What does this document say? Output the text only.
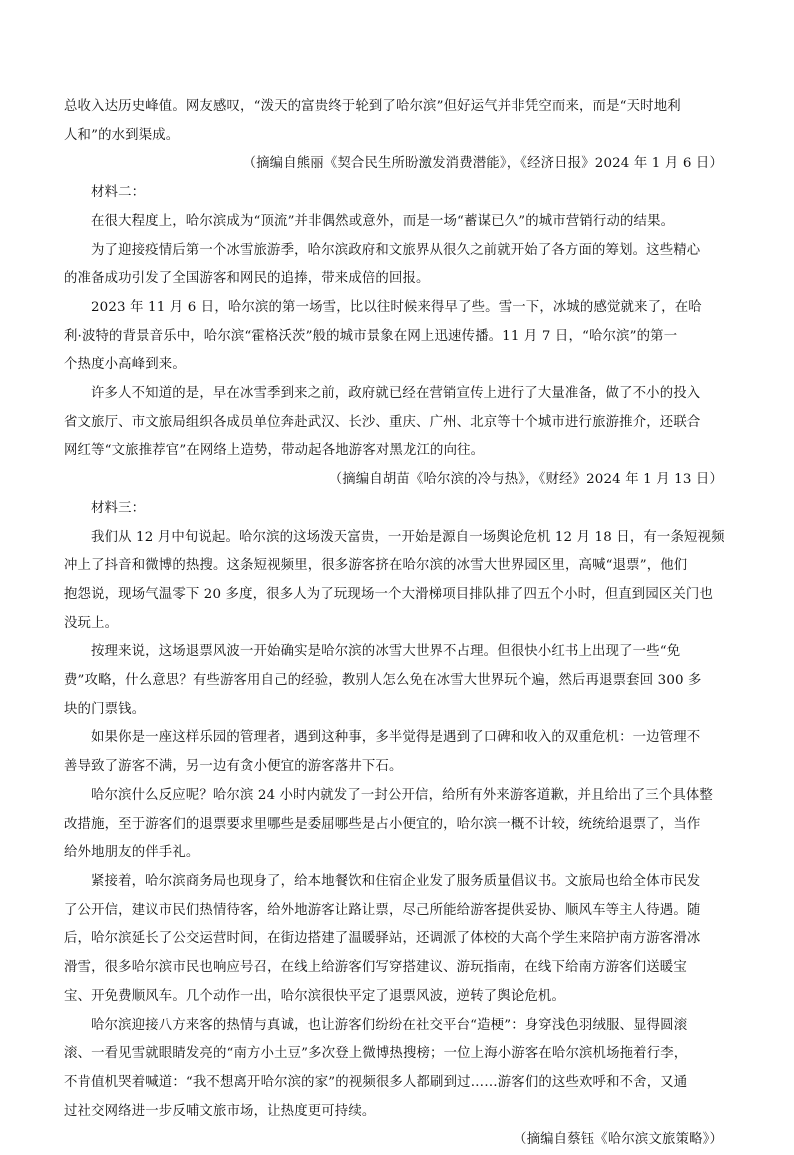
总收入达历史峰值。网友感叹，“泼天的富贵终于轮到了哈尔滨”但好运气并非凭空而来，而是“天时地利
人和”的水到渠成。
（摘编自熊丽《契合民生所盼激发消费潜能》，《经济日报》2024 年 1 月 6 日）
材料二：
在很大程度上，哈尔滨成为“顶流”并非偶然或意外，而是一场“蓄谋已久”的城市营销行动的结果。
为了迎接疫情后第一个冰雪旅游季，哈尔滨政府和文旅界从很久之前就开始了各方面的筹划。这些精心
的准备成功引发了全国游客和网民的追捧，带来成倍的回报。
2023 年 11 月 6 日，哈尔滨的第一场雪，比以往时候来得早了些。雪一下，冰城的感觉就来了，在哈
利·波特的背景音乐中，哈尔滨“霍格沃茨”般的城市景象在网上迅速传播。11 月 7 日，“哈尔滨”的第一
个热度小高峰到来。
许多人不知道的是，早在冰雪季到来之前，政府就已经在营销宣传上进行了大量准备，做了不小的投入
省文旅厅、市文旅局组织各成员单位奔赴武汉、长沙、重庆、广州、北京等十个城市进行旅游推介，还联合
网红等“文旅推荐官”在网络上造势，带动起各地游客对黑龙江的向往。
（摘编自胡苗《哈尔滨的冷与热》，《财经》2024 年 1 月 13 日）
材料三：
我们从 12 月中旬说起。哈尔滨的这场泼天富贵，一开始是源自一场舆论危机 12 月 18 日，有一条短视频
冲上了抖音和微博的热搜。这条短视频里，很多游客挤在哈尔滨的冰雪大世界园区里，高喊“退票”，他们
抱怨说，现场气温零下 20 多度，很多人为了玩现场一个大滑梯项目排队排了四五个小时，但直到园区关门也
没玩上。
按理来说，这场退票风波一开始确实是哈尔滨的冰雪大世界不占理。但很快小红书上出现了一些“免
费”攻略，什么意思？有些游客用自己的经验，教别人怎么免在冰雪大世界玩个遍，然后再退票套回 300 多
块的门票钱。
如果你是一座这样乐园的管理者，遇到这种事，多半觉得是遇到了口碑和收入的双重危机：一边管理不
善导致了游客不满，另一边有贪小便宜的游客落井下石。
哈尔滨什么反应呢？哈尔滨 24 小时内就发了一封公开信，给所有外来游客道歉，并且给出了三个具体整
改措施，至于游客们的退票要求里哪些是委屈哪些是占小便宜的，哈尔滨一概不计较，统统给退票了，当作
给外地朋友的伴手礼。
紧接着，哈尔滨商务局也现身了，给本地餐饮和住宿企业发了服务质量倡议书。文旅局也给全体市民发
了公开信，建议市民们热情待客，给外地游客让路让票，尽己所能给游客提供妥协、顺风车等主人待遇。随
后，哈尔滨延长了公交运营时间，在街边搭建了温暖驿站，还调派了体校的大高个学生来陪护南方游客滑冰
滑雪，很多哈尔滨市民也响应号召，在线上给游客们写穿搭建议、游玩指南，在线下给南方游客们送暖宝
宝、开免费顺风车。几个动作一出，哈尔滨很快平定了退票风波，逆转了舆论危机。
哈尔滨迎接八方来客的热情与真诚，也让游客们纷纷在社交平台“造梗”：身穿浅色羽绒服、显得圆滚
滚、一看见雪就眼睛发亮的“南方小土豆”多次登上微博热搜榜；一位上海小游客在哈尔滨机场拖着行李，
不肯值机哭着喊道：“我不想离开哈尔滨的家”的视频很多人都刷到过……游客们的这些欢呼和不舍，又通
过社交网络进一步反哺文旅市场，让热度更可持续。
（摘编自蔡钰《哈尔滨文旅策略》）
